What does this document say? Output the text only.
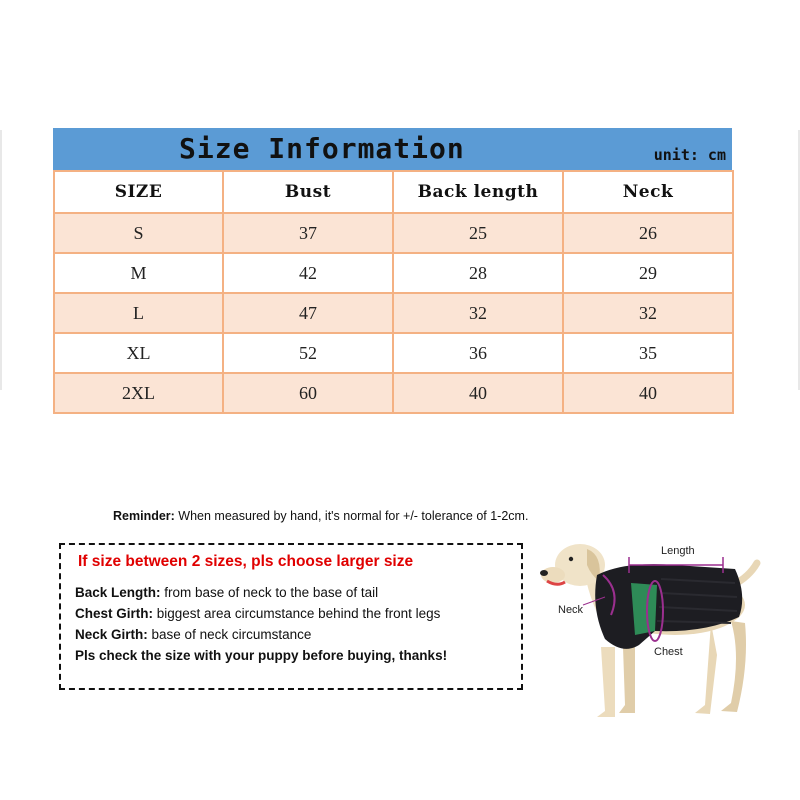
Size Information	unit: cm
SIZE	Bust	Back length	Neck
S	37	25	26
M	42	28	29
L	47	32	32
XL	52	36	35
2XL	60	40	40
Reminder: When measured by hand, it's normal for +/- tolerance of 1-2cm.
If size between 2 sizes, pls choose larger size
Back Length: from base of neck to the base of tail
Chest Girth: biggest area circumstance behind the front legs
Neck Girth: base of neck circumstance
Pls check the size with your puppy before buying, thanks!
Length
Neck
Chest
